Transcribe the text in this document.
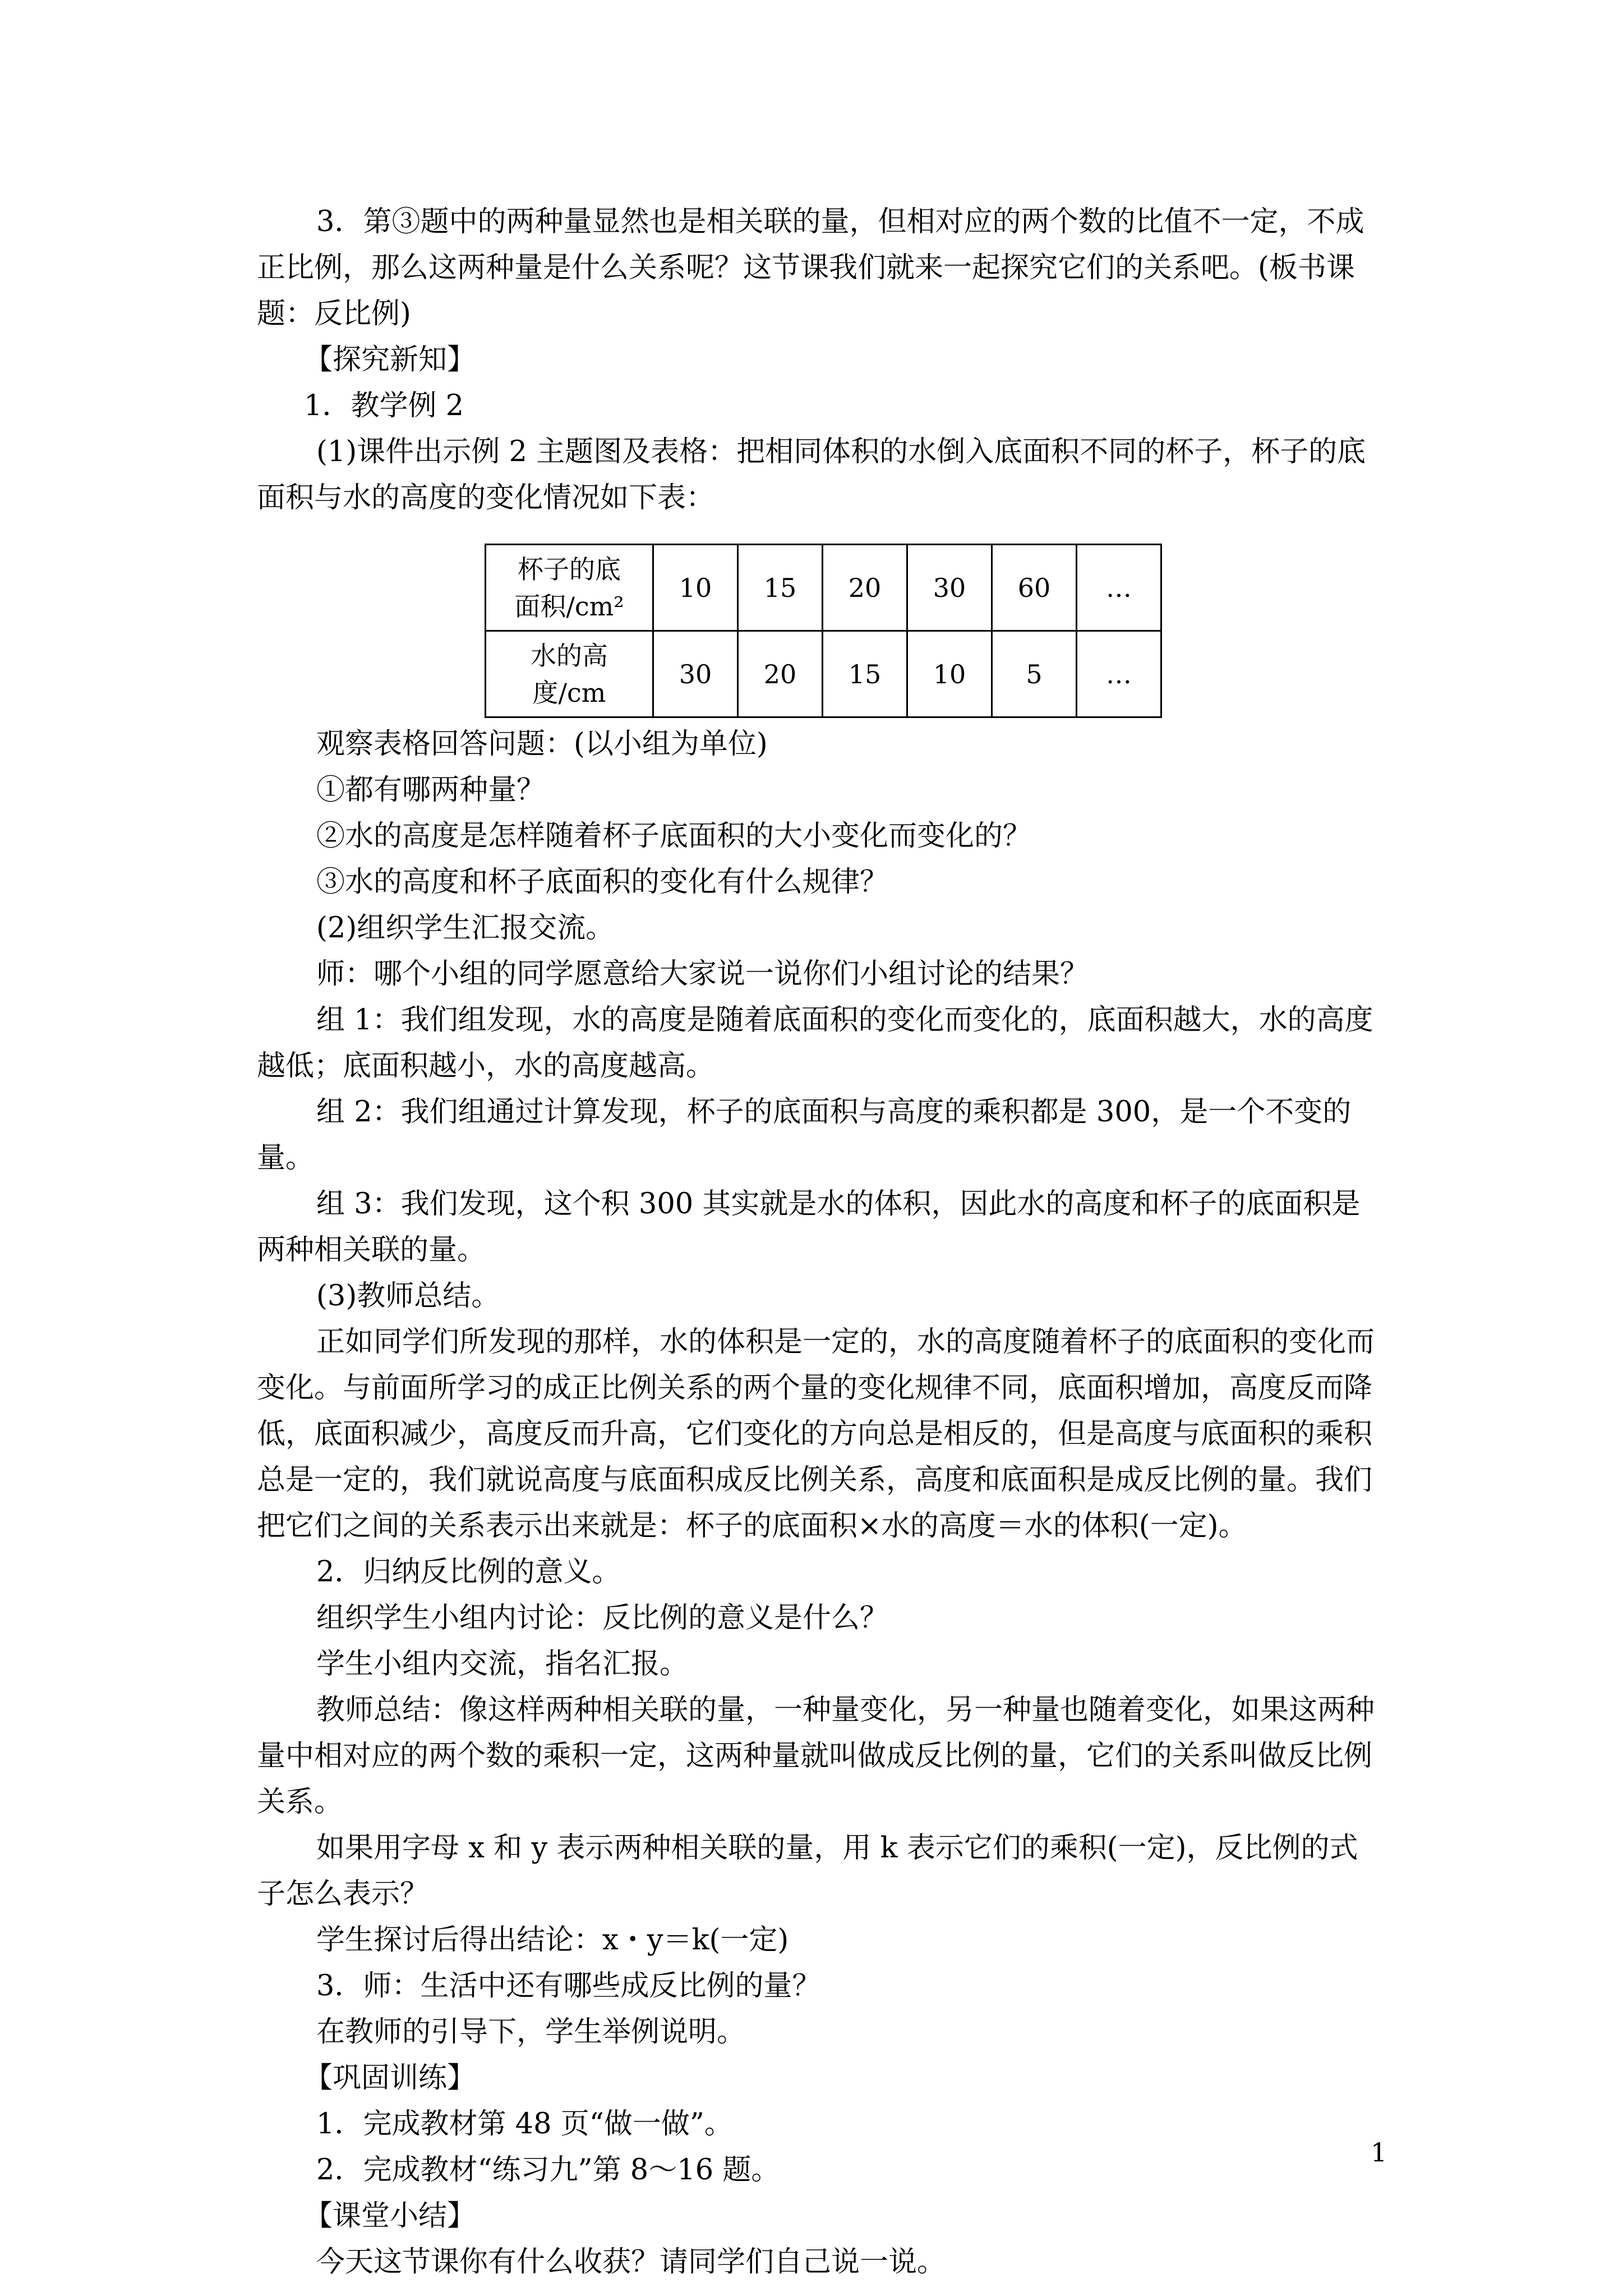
3．第③题中的两种量显然也是相关联的量，但相对应的两个数的比值不一定，不成正比例，那么这两种量是什么关系呢？这节课我们就来一起探究它们的关系吧。(板书课题：反比例)

【探究新知】

1．教学例 2

(1)课件出示例 2 主题图及表格：把相同体积的水倒入底面积不同的杯子，杯子的底面积与水的高度的变化情况如下表：

杯子的底
面积/cm²	10	15	20	30	60	…

水的高
度/cm	30	20	15	10	5	…

观察表格回答问题：(以小组为单位)

①都有哪两种量？

②水的高度是怎样随着杯子底面积的大小变化而变化的？

③水的高度和杯子底面积的变化有什么规律？

(2)组织学生汇报交流。

师：哪个小组的同学愿意给大家说一说你们小组讨论的结果？

组 1：我们组发现，水的高度是随着底面积的变化而变化的，底面积越大，水的高度越低；底面积越小，水的高度越高。

组 2：我们组通过计算发现，杯子的底面积与高度的乘积都是 300，是一个不变的量。

组 3：我们发现，这个积 300 其实就是水的体积，因此水的高度和杯子的底面积是两种相关联的量。

(3)教师总结。

正如同学们所发现的那样，水的体积是一定的，水的高度随着杯子的底面积的变化而变化。与前面所学习的成正比例关系的两个量的变化规律不同，底面积增加，高度反而降低，底面积减少，高度反而升高，它们变化的方向总是相反的，但是高度与底面积的乘积总是一定的，我们就说高度与底面积成反比例关系，高度和底面积是成反比例的量。我们把它们之间的关系表示出来就是：杯子的底面积×水的高度＝水的体积(一定)。

2．归纳反比例的意义。

组织学生小组内讨论：反比例的意义是什么？

学生小组内交流，指名汇报。

教师总结：像这样两种相关联的量，一种量变化，另一种量也随着变化，如果这两种量中相对应的两个数的乘积一定，这两种量就叫做成反比例的量，它们的关系叫做反比例关系。

如果用字母 x 和 y 表示两种相关联的量，用 k 表示它们的乘积(一定)，反比例的式子怎么表示？

学生探讨后得出结论：x・y＝k(一定)

3．师：生活中还有哪些成反比例的量？

在教师的引导下，学生举例说明。

【巩固训练】

1．完成教材第 48 页“做一做”。

2．完成教材“练习九”第 8～16 题。

【课堂小结】

今天这节课你有什么收获？请同学们自己说一说。

1
